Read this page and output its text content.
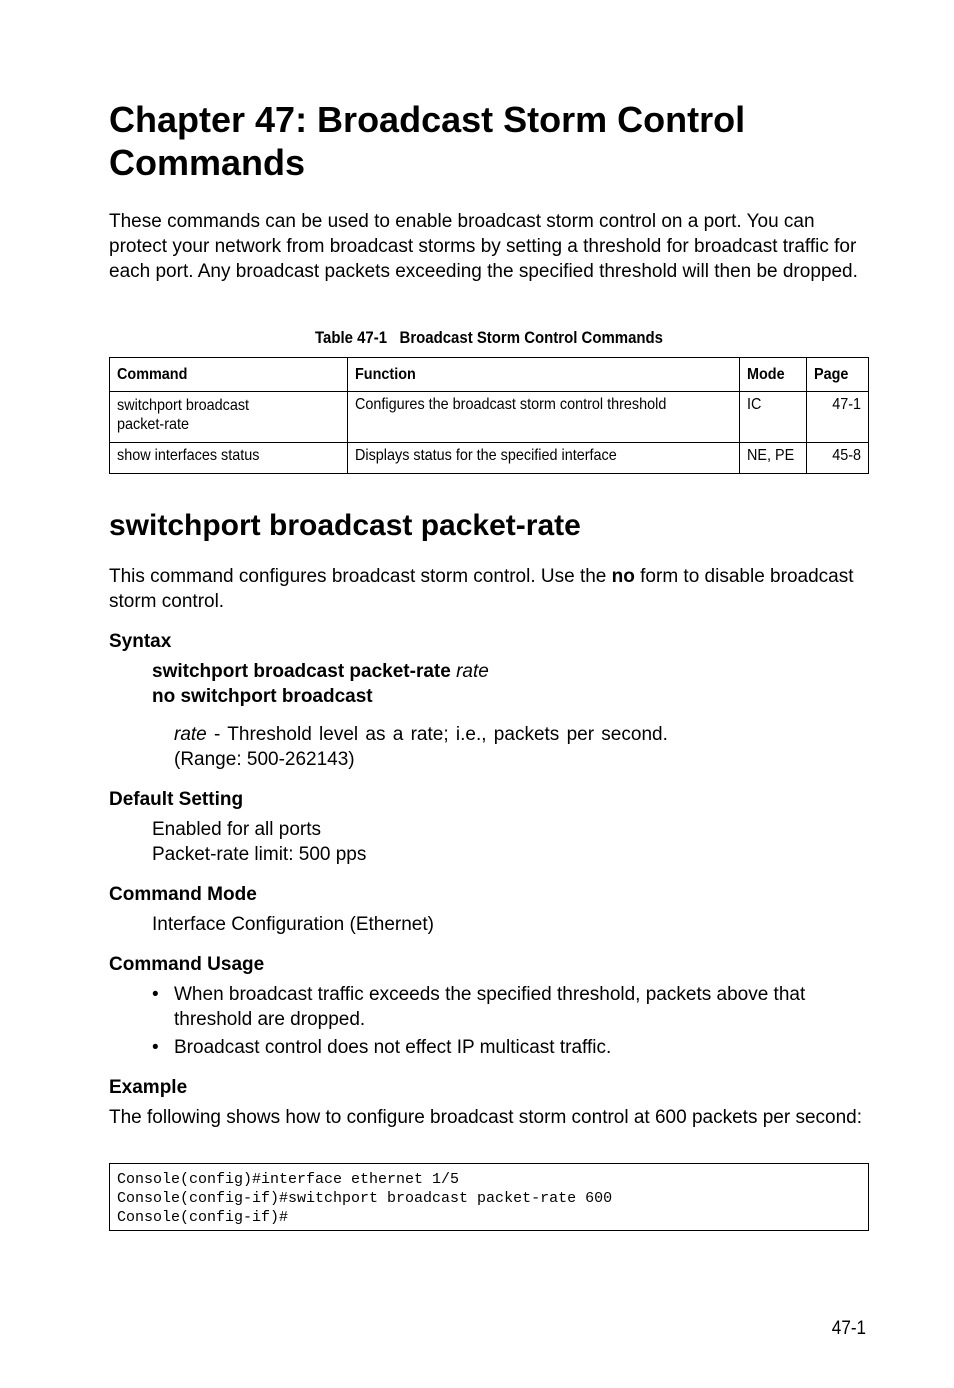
Chapter 47: Broadcast Storm Control
Commands

These commands can be used to enable broadcast storm control on a port. You can protect your network from broadcast storms by setting a threshold for broadcast traffic for each port. Any broadcast packets exceeding the specified threshold will then be dropped.

Table 47-1   Broadcast Storm Control Commands
Command	Function	Mode	Page
switchport broadcast packet-rate	Configures the broadcast storm control threshold	IC	47-1
show interfaces status	Displays status for the specified interface	NE, PE	45-8
switchport broadcast packet-rate

This command configures broadcast storm control. Use the no form to disable broadcast storm control.

Syntax

switchport broadcast packet-rate rate

no switchport broadcast

rate - Threshold level as a rate; i.e., packets per second.

(Range: 500-262143)

Default Setting

Enabled for all ports

Packet-rate limit: 500 pps

Command Mode

Interface Configuration (Ethernet)

Command Usage
• When broadcast traffic exceeds the specified threshold, packets above that threshold are dropped.
• Broadcast control does not effect IP multicast traffic.
Example

The following shows how to configure broadcast storm control at 600 packets per second:

Console(config)#interface ethernet 1/5
Console(config-if)#switchport broadcast packet-rate 600
Console(config-if)#
47-1
